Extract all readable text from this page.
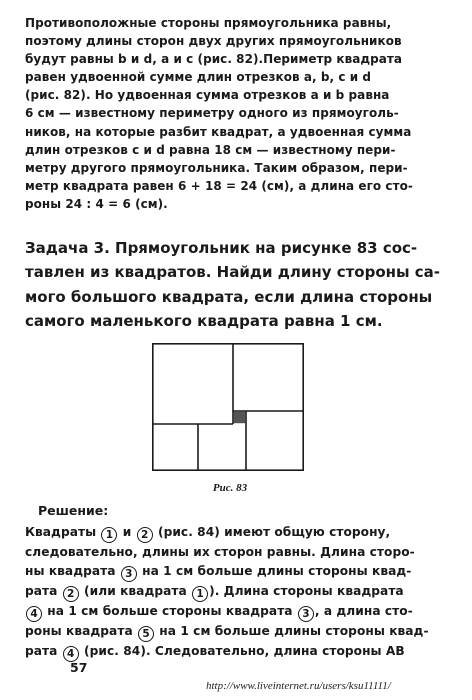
Противоположные стороны прямоугольника равны,
поэтому длины сторон двух других прямоугольников
будут равны b и d, a и c (рис. 82).Периметр квадрата
равен удвоенной сумме длин отрезков a, b, c и d
(рис. 82). Но удвоенная сумма отрезков a и b равна
6 см — известному периметру одного из прямоуголь-
ников, на которые разбит квадрат, а удвоенная сумма
длин отрезков c и d равна 18 см — известному пери-
метру другого прямоугольника. Таким образом, пери-
метр квадрата равен 6 + 18 = 24 (см), а длина его сто-
роны 24 : 4 = 6 (см).
Задача 3. Прямоугольник на рисунке 83 сос-
тавлен из квадратов. Найди длину стороны са-
мого большого квадрата, если длина стороны
самого маленького квадрата равна 1 см.
Рис. 83
Решение:
Квадраты 1 и 2 (рис. 84) имеют общую сторону,
следовательно, длины их сторон равны. Длина сторо-
ны квадрата 3 на 1 см больше длины стороны квад-
рата 2 (или квадрата 1 ). Длина стороны квадрата
4 на 1 см больше стороны квадрата 3 , а длина сто-
роны квадрата 5 на 1 см больше длины стороны квад-
рата 4 (рис. 84). Следовательно, длина стороны AB
57
http://www.liveinternet.ru/users/ksu11111/
